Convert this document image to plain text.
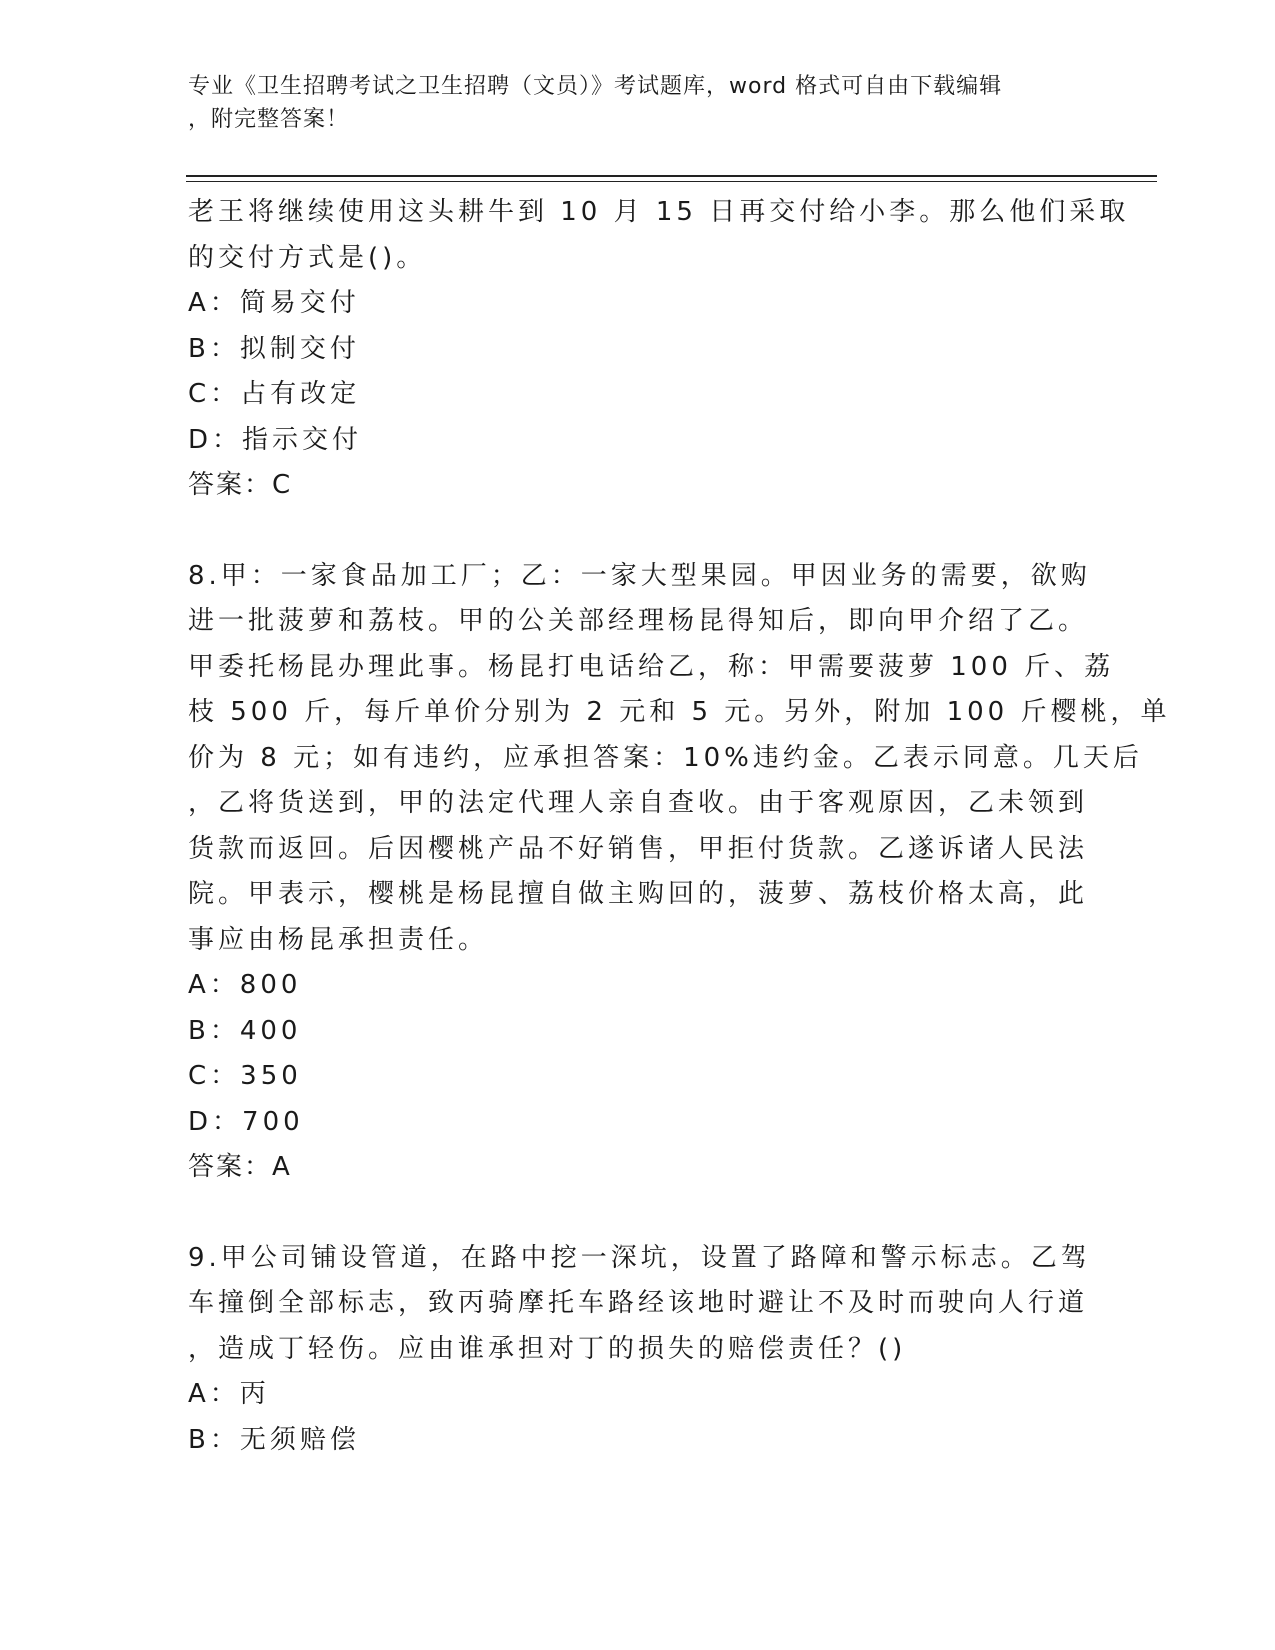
专业《卫生招聘考试之卫生招聘（文员）》考试题库，word 格式可自由下载编辑
，附完整答案！
老王将继续使用这头耕牛到 10 月 15 日再交付给小李。那么他们采取
的交付方式是()。
A：简易交付
B：拟制交付
C：占有改定
D：指示交付
答案：C
8.甲：一家食品加工厂；乙：一家大型果园。甲因业务的需要，欲购
进一批菠萝和荔枝。甲的公关部经理杨昆得知后，即向甲介绍了乙。
甲委托杨昆办理此事。杨昆打电话给乙，称：甲需要菠萝 100 斤、荔
枝 500 斤，每斤单价分别为 2 元和 5 元。另外，附加 100 斤樱桃，单
价为 8 元；如有违约，应承担答案：10%违约金。乙表示同意。几天后
，乙将货送到，甲的法定代理人亲自查收。由于客观原因，乙未领到
货款而返回。后因樱桃产品不好销售，甲拒付货款。乙遂诉诸人民法
院。甲表示，樱桃是杨昆擅自做主购回的，菠萝、荔枝价格太高，此
事应由杨昆承担责任。
A：800
B：400
C：350
D：700
答案：A
9.甲公司铺设管道，在路中挖一深坑，设置了路障和警示标志。乙驾
车撞倒全部标志，致丙骑摩托车路经该地时避让不及时而驶向人行道
，造成丁轻伤。应由谁承担对丁的损失的赔偿责任？()
A：丙
B：无须赔偿
